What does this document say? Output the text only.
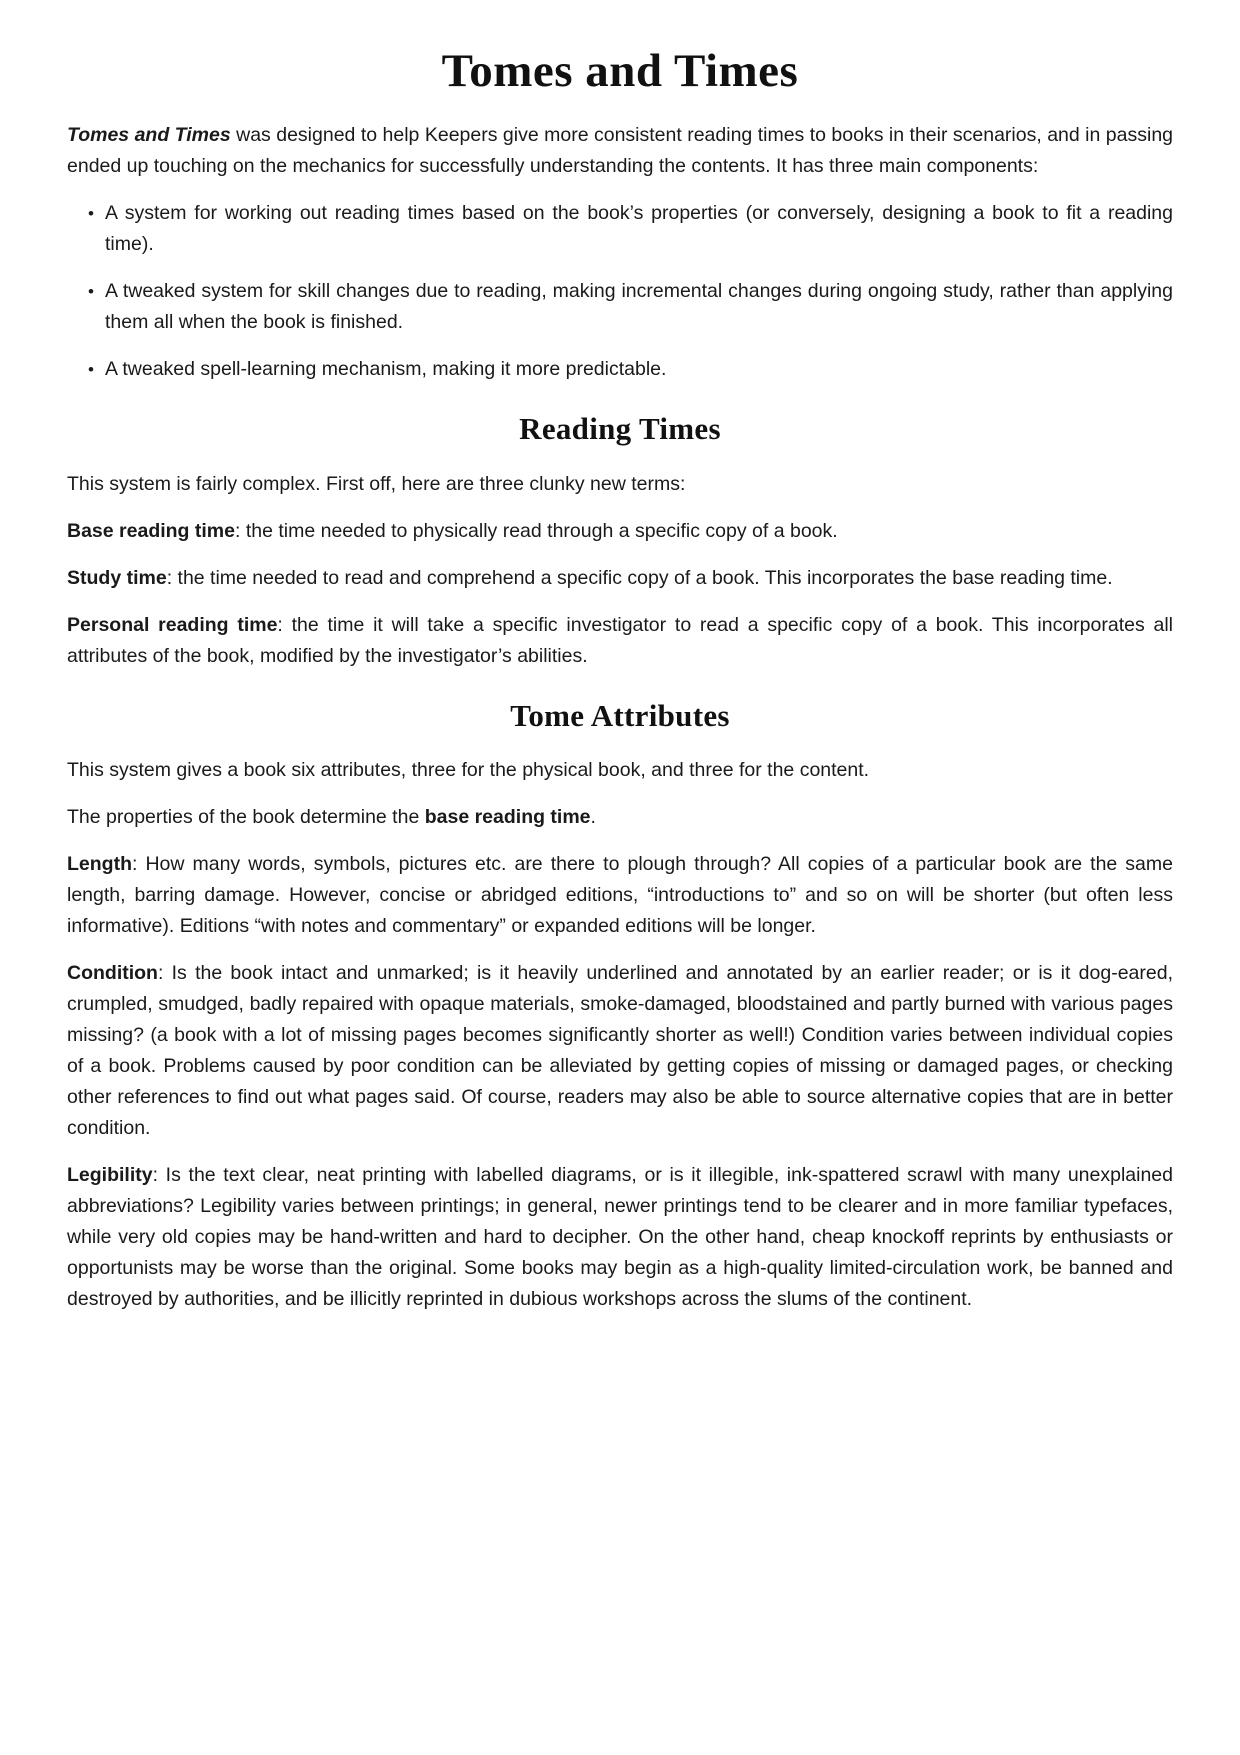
Tomes and Times

Tomes and Times was designed to help Keepers give more consistent reading times to books in their scenarios, and in passing ended up touching on the mechanics for successfully understanding the contents. It has three main components:

• A system for working out reading times based on the book’s properties (or conversely, designing a book to fit a reading time).
• A tweaked system for skill changes due to reading, making incremental changes during ongoing study, rather than applying them all when the book is finished.
• A tweaked spell-learning mechanism, making it more predictable.
Reading Times

This system is fairly complex. First off, here are three clunky new terms:

Base reading time: the time needed to physically read through a specific copy of a book.

Study time: the time needed to read and comprehend a specific copy of a book. This incorporates the base reading time.

Personal reading time: the time it will take a specific investigator to read a specific copy of a book. This incorporates all attributes of the book, modified by the investigator’s abilities.

Tome Attributes

This system gives a book six attributes, three for the physical book, and three for the content.

The properties of the book determine the base reading time.

Length: How many words, symbols, pictures etc. are there to plough through? All copies of a particular book are the same length, barring damage. However, concise or abridged editions, “introductions to” and so on will be shorter (but often less informative). Editions “with notes and commentary” or expanded editions will be longer.

Condition: Is the book intact and unmarked; is it heavily underlined and annotated by an earlier reader; or is it dog-eared, crumpled, smudged, badly repaired with opaque materials, smoke-damaged, bloodstained and partly burned with various pages missing? (a book with a lot of missing pages becomes significantly shorter as well!) Condition varies between individual copies of a book. Problems caused by poor condition can be alleviated by getting copies of missing or damaged pages, or checking other references to find out what pages said. Of course, readers may also be able to source alternative copies that are in better condition.

Legibility: Is the text clear, neat printing with labelled diagrams, or is it illegible, ink-spattered scrawl with many unexplained abbreviations? Legibility varies between printings; in general, newer printings tend to be clearer and in more familiar typefaces, while very old copies may be hand-written and hard to decipher. On the other hand, cheap knockoff reprints by enthusiasts or opportunists may be worse than the original. Some books may begin as a high-quality limited-circulation work, be banned and destroyed by authorities, and be illicitly reprinted in dubious workshops across the slums of the continent.
